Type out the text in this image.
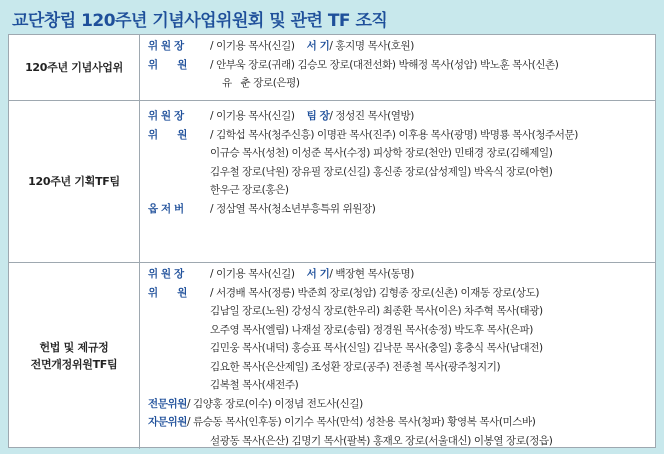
교단창립 120주년 기념사업위원회 및 관련 TF 조직
120주년 기념사업위
위 원 장	/ 이기용 목사(신길) 서 기/ 홍지명 목사(호원)
위      원 / 안부욱 장로(귀래) 김승모 장로(대전선화) 박해정 목사(성암) 박노훈 목사(신촌)
유   춘 장로(은평)
120주년 기획TF팀
위 원 장	/ 이기용 목사(신길) 팀 장/ 정성진 목사(열방)
위      원 / 김학섭 목사(청주신흥) 이명관 목사(진주) 이후용 목사(광명) 박명룡 목사(청주서문)
이규승 목사(성천) 이성준 목사(수정) 피상학 장로(천안) 민태경 장로(김해제일)
김우철 장로(낙원) 장유필 장로(신길) 홍신종 장로(삼성제일) 박옥식 장로(아현)
한우근 장로(홍은)
옵 저 버	/ 정삼열 목사(청소년부흥특위 위원장)
헌법 및 제규정
전면개정위원TF팀
위 원 장	/ 이기용 목사(신길) 서 기/ 백장현 목사(동명)
위      원 / 서경배 목사(정릉) 박준희 장로(청암) 김형종 장로(신촌) 이재동 장로(상도)
김남일 장로(노원) 강성식 장로(한우리) 최종환 목사(이은) 차주혁 목사(태광)
오주영 목사(엘림) 나재설 장로(송림) 정경원 목사(송정) 박도후 목사(은파)
김민웅 목사(내덕) 홍승표 목사(신일) 김낙문 목사(충일) 홍충식 목사(남대전)
김요한 목사(은산제일) 조성환 장로(공주) 전종철 목사(광주청지기)
김복철 목사(새전주)
전문위원/ 김양홍 장로(이수) 이정념 전도사(신길)
자문위원/ 류승동 목사(인후동) 이기수 목사(만석) 성찬용 목사(청파) 황영복 목사(미스바)
설광동 목사(은산) 김명기 목사(팔복) 홍재오 장로(서울대신) 이봉열 장로(정읍)
